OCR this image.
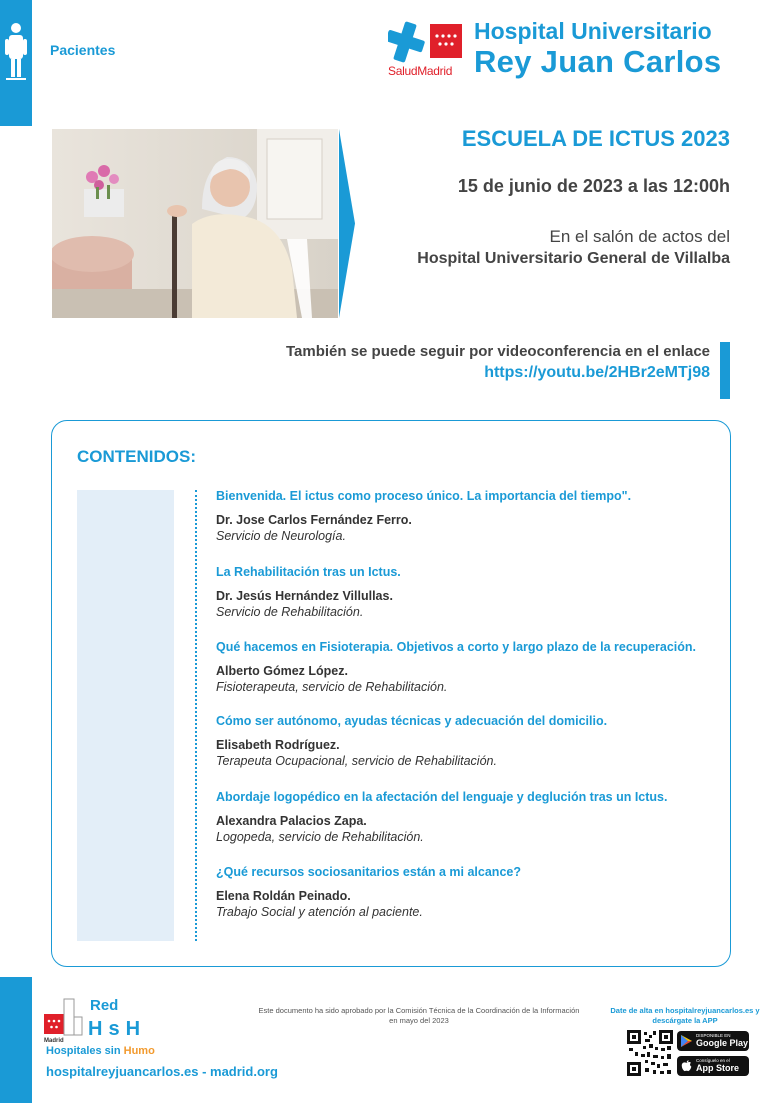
Pacientes
SaludMadrid
Hospital Universitario
Rey Juan Carlos
ESCUELA DE ICTUS 2023
15 de junio de 2023 a las 12:00h
En el salón de actos del
Hospital Universitario General de Villalba
También se puede seguir por videoconferencia en el enlace
https://youtu.be/2HBr2eMTj98
CONTENIDOS:
Bienvenida. El ictus como proceso único. La importancia del tiempo".
Dr. Jose Carlos Fernández Ferro.
Servicio de Neurología.
La Rehabilitación tras un Ictus.
Dr. Jesús Hernández Villullas.
Servicio de Rehabilitación.
Qué hacemos en Fisioterapia. Objetivos a corto y largo plazo de la recuperación.
Alberto Gómez López.
Fisioterapeuta, servicio de Rehabilitación.
Cómo ser autónomo, ayudas técnicas y adecuación del domicilio.
Elisabeth Rodríguez.
Terapeuta Ocupacional, servicio de Rehabilitación.
Abordaje logopédico en la afectación del lenguaje y deglución tras un Ictus.
Alexandra Palacios Zapa.
Logopeda, servicio de Rehabilitación.
¿Qué recursos sociosanitarios están a mi alcance?
Elena Roldán Peinado.
Trabajo Social y atención al paciente.
Madrid
Red
HsH
Hospitales sin Humo
hospitalreyjuancarlos.es - madrid.org
Este documento ha sido aprobado por la Comisión Técnica de la Coordinación de la Información en mayo del 2023
Date de alta en hospitalreyjuancarlos.es y descárgate la APP
DISPONIBLE EN
Google Play
Consíguelo en el
App Store
